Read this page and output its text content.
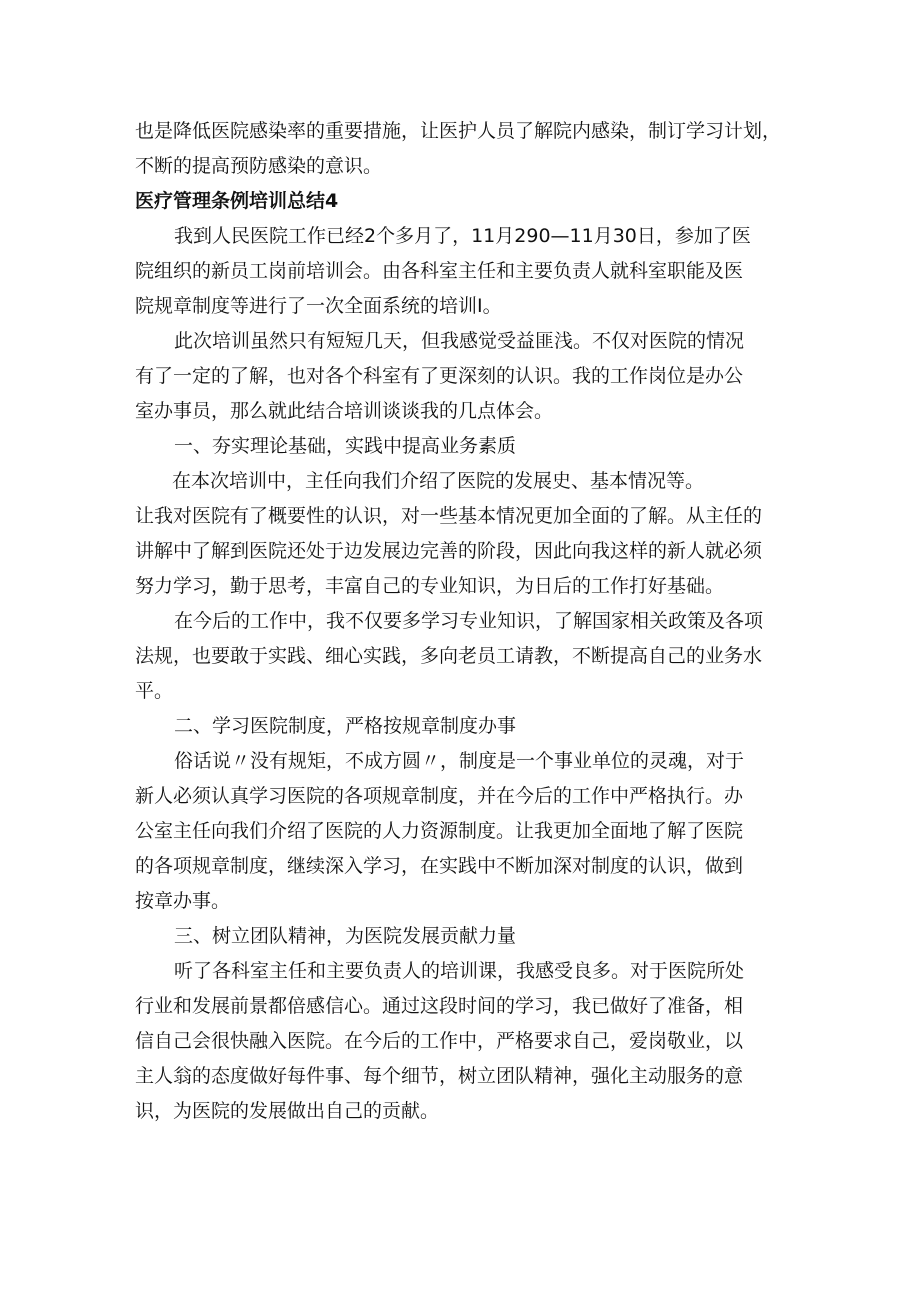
也是降低医院感染率的重要措施，让医护人员了解院内感染，制订学习计划，
不断的提高预防感染的意识。
医疗管理条例培训总结4
我到人民医院工作已经2个多月了，11月290—11月30日，参加了医
院组织的新员工岗前培训会。由各科室主任和主要负责人就科室职能及医
院规章制度等进行了一次全面系统的培训I。
此次培训虽然只有短短几天，但我感觉受益匪浅。不仅对医院的情况
有了一定的了解，也对各个科室有了更深刻的认识。我的工作岗位是办公
室办事员，那么就此结合培训谈谈我的几点体会。
一、夯实理论基础，实践中提高业务素质
在本次培训中，主任向我们介绍了医院的发展史、基本情况等。
让我对医院有了概要性的认识，对一些基本情况更加全面的了解。从主任的
讲解中了解到医院还处于边发展边完善的阶段，因此向我这样的新人就必须
努力学习，勤于思考，丰富自己的专业知识，为日后的工作打好基础。
在今后的工作中，我不仅要多学习专业知识，了解国家相关政策及各项
法规，也要敢于实践、细心实践，多向老员工请教，不断提高自己的业务水
平。
二、学习医院制度，严格按规章制度办事
俗话说〃没有规矩，不成方圆〃，制度是一个事业单位的灵魂，对于
新人必须认真学习医院的各项规章制度，并在今后的工作中严格执行。办
公室主任向我们介绍了医院的人力资源制度。让我更加全面地了解了医院
的各项规章制度，继续深入学习，在实践中不断加深对制度的认识，做到
按章办事。
三、树立团队精神，为医院发展贡献力量
听了各科室主任和主要负责人的培训课，我感受良多。对于医院所处
行业和发展前景都倍感信心。通过这段时间的学习，我已做好了准备，相
信自己会很快融入医院。在今后的工作中，严格要求自己，爱岗敬业，以
主人翁的态度做好每件事、每个细节，树立团队精神，强化主动服务的意
识，为医院的发展做出自己的贡献。
